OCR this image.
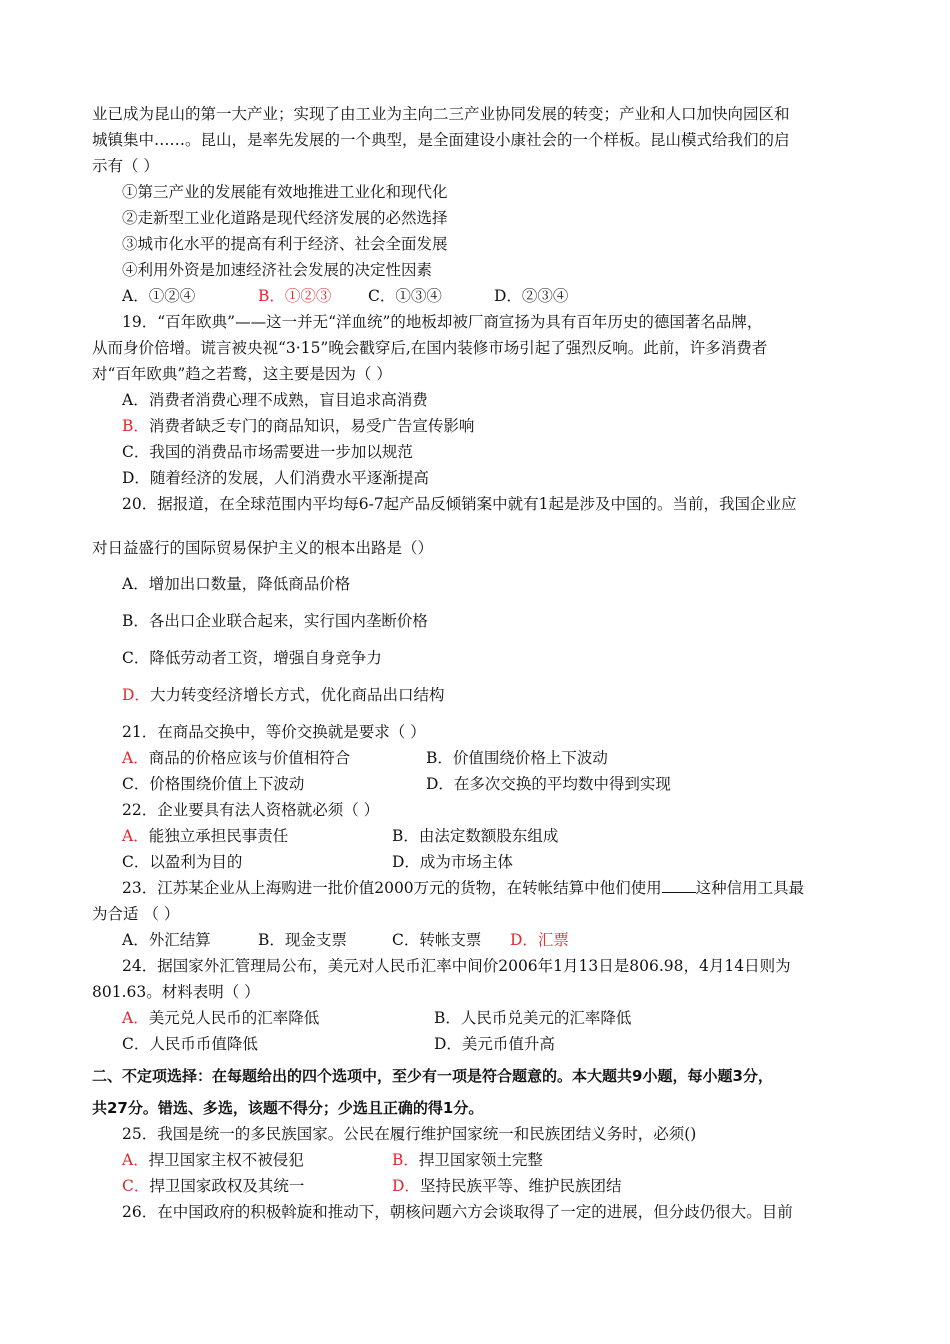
业已成为昆山的第一大产业；实现了由工业为主向二三产业协同发展的转变；产业和人口加快向园区和
城镇集中……。昆山，是率先发展的一个典型，是全面建设小康社会的一个样板。昆山模式给我们的启
示有（ ）
①第三产业的发展能有效地推进工业化和现代化
②走新型工业化道路是现代经济发展的必然选择
③城市化水平的提高有利于经济、社会全面发展
④利用外资是加速经济社会发展的决定性因素
A．①②④	B．①②③ C．①③④	D．②③④
19．“百年欧典”——这一并无“洋血统”的地板却被厂商宣扬为具有百年历史的德国著名品牌，
从而身价倍增。谎言被央视“3·15”晚会戳穿后,在国内装修市场引起了强烈反响。此前，许多消费者
对“百年欧典”趋之若鹜，这主要是因为（ ）
A．消费者消费心理不成熟，盲目追求高消费
B．消费者缺乏专门的商品知识，易受广告宣传影响
C．我国的消费品市场需要进一步加以规范
D．随着经济的发展，人们消费水平逐渐提高
20．据报道，在全球范围内平均每6-7起产品反倾销案中就有1起是涉及中国的。当前，我国企业应
对日益盛行的国际贸易保护主义的根本出路是（）
A．增加出口数量，降低商品价格
B．各出口企业联合起来，实行国内垄断价格
C．降低劳动者工资，增强自身竞争力
D．大力转变经济增长方式，优化商品出口结构
21．在商品交换中，等价交换就是要求（ ）
A．商品的价格应该与价值相符合	B．价值围绕价格上下波动
C．价格围绕价值上下波动	D．在多次交换的平均数中得到实现
22．企业要具有法人资格就必须（ ）
A．能独立承担民事责任	B．由法定数额股东组成
C．以盈利为目的	D．成为市场主体
23．江苏某企业从上海购进一批价值2000万元的货物，在转帐结算中他们使用 这种信用工具最
为合适 （ ）
A．外汇结算	B．现金支票	C．转帐支票 D．汇票
24．据国家外汇管理局公布，美元对人民币汇率中间价2006年1月13日是806.98，4月14日则为
801.63。材料表明（ ）
A．美元兑人民币的汇率降低	B．人民币兑美元的汇率降低
C．人民币币值降低	D．美元币值升高
二、不定项选择：在每题给出的四个选项中，至少有一项是符合题意的。本大题共9小题，每小题3分，
共27分。错选、多选，该题不得分；少选且正确的得1分。
25．我国是统一的多民族国家。公民在履行维护国家统一和民族团结义务时，必须()
A．捍卫国家主权不被侵犯	B．捍卫国家领土完整
C．捍卫国家政权及其统一	D．坚持民族平等、维护民族团结
26．在中国政府的积极斡旋和推动下，朝核问题六方会谈取得了一定的进展，但分歧仍很大。目前
